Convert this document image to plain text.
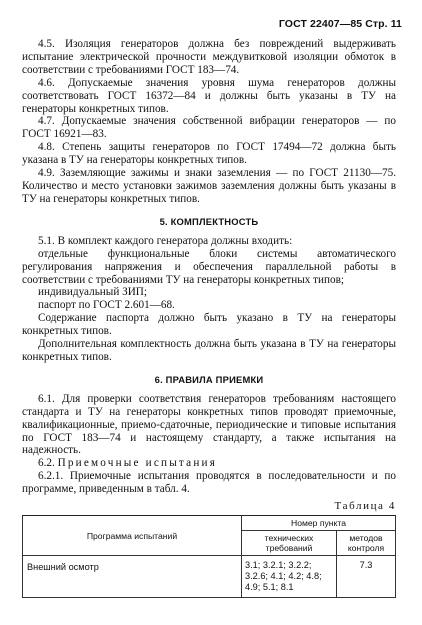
ГОСТ 22407—85 Стр. 11

4.5. Изоляция генераторов должна без повреждений выдерживать испытание электрической прочности междувитковой изоляции обмоток в соответствии с требованиями ГОСТ 183—74.

4.6. Допускаемые значения уровня шума генераторов должны соответствовать ГОСТ 16372—84 и должны быть указаны в ТУ на генераторы конкретных типов.

4.7. Допускаемые значения собственной вибрации генераторов — по ГОСТ 16921—83.

4.8. Степень защиты генераторов по ГОСТ 17494—72 должна быть указана в ТУ на генераторы конкретных типов.

4.9. Заземляющие зажимы и знаки заземления — по ГОСТ 21130—75. Количество и место установки зажимов заземления должны быть указаны в ТУ на генераторы конкретных типов.

5. КОМПЛЕКТНОСТЬ

5.1. В комплект каждого генератора должны входить:

отдельные функциональные блоки системы автоматического регулирования напряжения и обеспечения параллельной работы в соответствии с требованиями ТУ на генераторы конкретных типов;

индивидуальный ЗИП;

паспорт по ГОСТ 2.601—68.

Содержание паспорта должно быть указано в ТУ на генераторы конкретных типов.

Дополнительная комплектность должна быть указана в ТУ на генераторы конкретных типов.

6. ПРАВИЛА ПРИЕМКИ

6.1. Для проверки соответствия генераторов требованиям настоящего стандарта и ТУ на генераторы конкретных типов проводят приемочные, квалификационные, приемо-сдаточные, периодические и типовые испытания по ГОСТ 183—74 и настоящему стандарту, а также испытания на надежность.

6.2. Приемочные испытания

6.2.1. Приемочные испытания проводятся в последовательности и по программе, приведенным в табл. 4.

Таблица 4
Программа испытаний	Номер пункта	
	технических требований	методов контроля
Внешний осмотр	3.1; 3.2.1; 3.2.2; 3.2.6; 4.1; 4.2; 4.8; 4.9; 5.1; 8.1	7.3
